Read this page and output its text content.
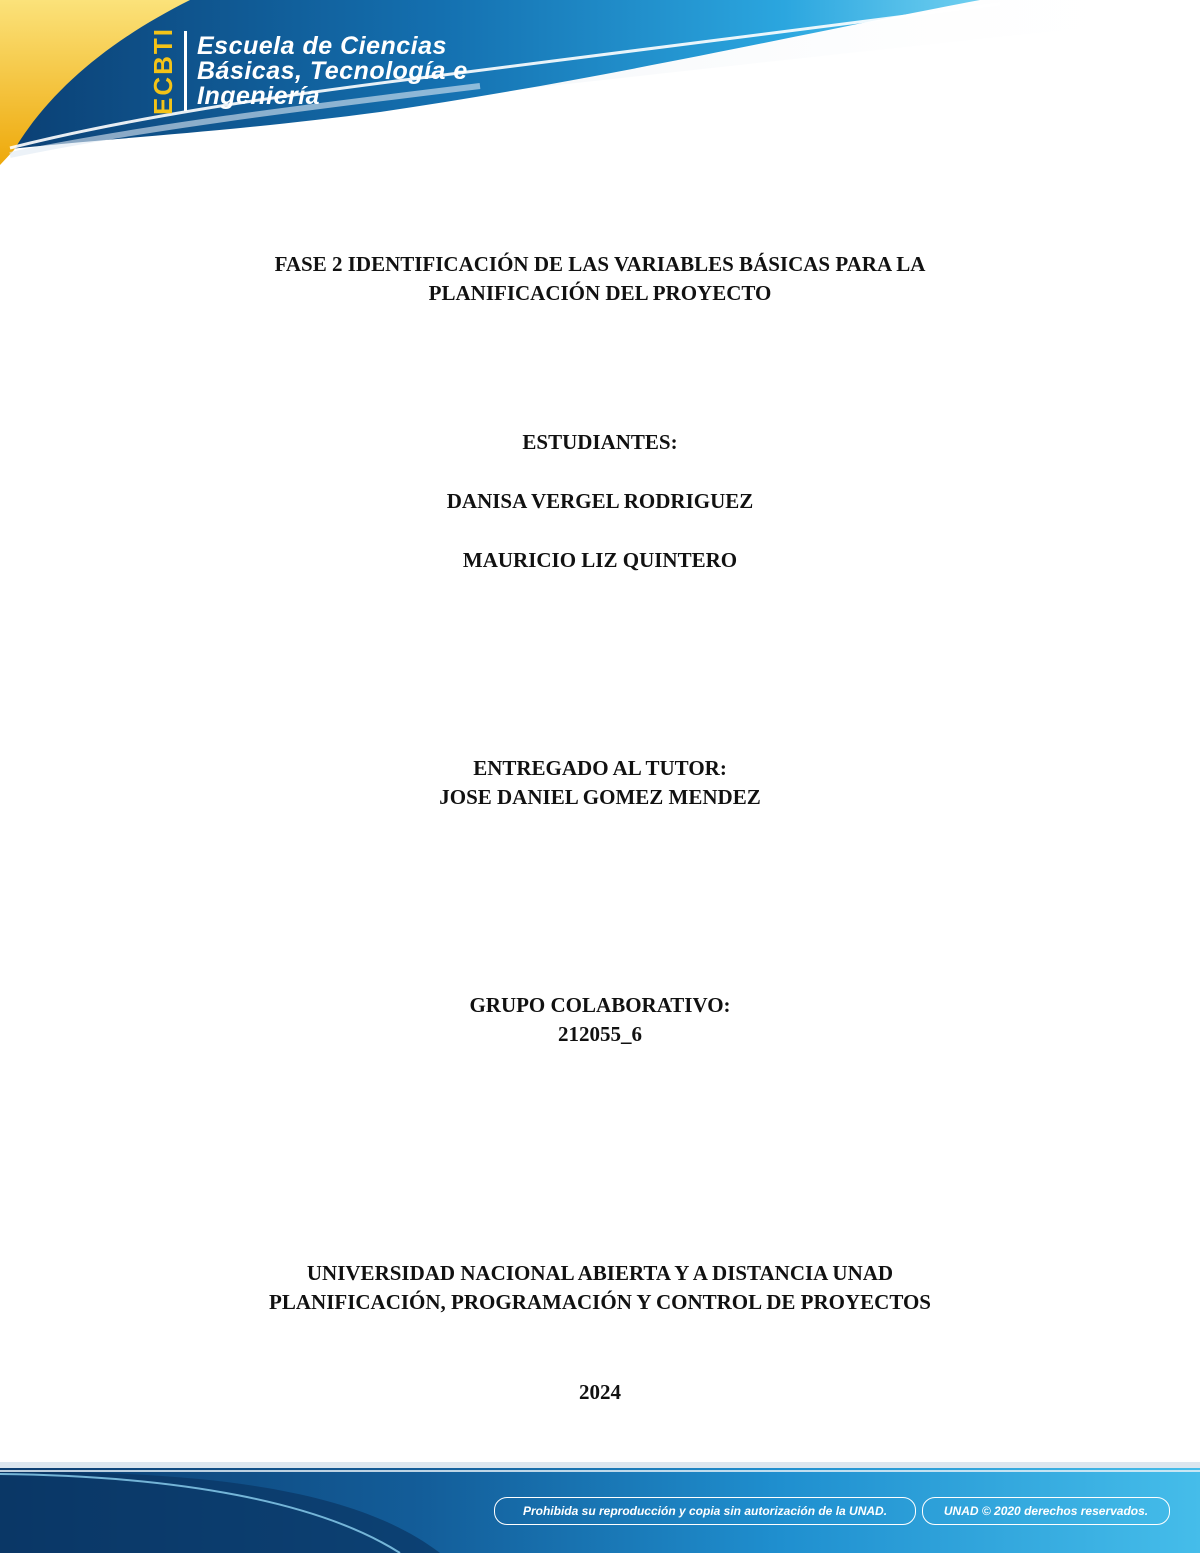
ECBTI Escuela de Ciencias
Básicas, Tecnología e
Ingeniería
FASE 2 IDENTIFICACIÓN DE LAS VARIABLES BÁSICAS PARA LA
PLANIFICACIÓN DEL PROYECTO
ESTUDIANTES:
DANISA VERGEL RODRIGUEZ
MAURICIO LIZ QUINTERO
ENTREGADO AL TUTOR:
JOSE DANIEL GOMEZ MENDEZ
GRUPO COLABORATIVO:
212055_6
UNIVERSIDAD NACIONAL ABIERTA Y A DISTANCIA UNAD
PLANIFICACIÓN, PROGRAMACIÓN Y CONTROL DE PROYECTOS
2024
Prohibida su reproducción y copia sin autorización de la UNAD.	UNAD © 2020 derechos reservados.
